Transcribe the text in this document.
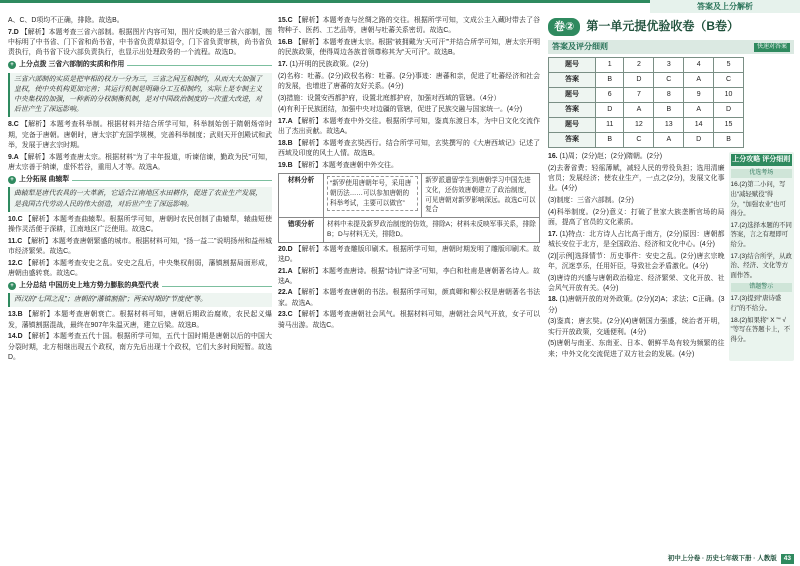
答案及上分解析

A、C、D项均不正确，排除。故选B。

7.D 【解析】本题考查三省六部制。根据图片内容可知，图片反映的是三省六部制，图中标明了中书省、门下省和尚书省，中书省负责草拟诏令，门下省负责审核，尚书省负责执行，尚书省下设六部负责执行，也显示出处理政务的一个流程。故选D。

+ 上分点拨 三省六部制的实质和作用
三省六部制的实质是把宰相的权力一分为三，三省之间互相制约，从而大大加强了皇权，使中央机构更加完善；其运行机制是明确分工互相制约，实际上是专制主义中央集权的加强，一种新的分权制衡机制，是对中国政治制度的一次重大改进，对后世产生了深远影响。

8.C 【解析】本题考查科举制。根据材料并结合所学可知，科举制始创于隋朝炀帝时期，完备于唐朝。唐朝时，唐太宗扩充国学规模，完善科举制度；武则天开创殿试和武举，发展于唐玄宗时期。

9.A 【解析】本题考查唐太宗。根据材料“为了丰年报道，听谏信谏，勤政为民”可知，唐太宗善于纳谏，虚怀若谷，重用人才等。故选A。

+ 上分拓展 曲辕犁
曲辕犁是唐代农具的一大革新，它适合江南地区水田耕作，促进了农业生产发展，是我国古代劳动人民的伟大创造，对后世产生了深远影响。

10.C 【解析】本题考查曲辕犁。根据所学可知，唐朝时农民创制了曲辕犁，辕曲短使操作灵活便于深耕，江南地区广泛使用。故选C。

11.C 【解析】本题考查唐朝繁盛的城市。根据材料可知，“扬一益二”说明扬州和益州城市经济繁荣。故选C。

12.C 【解析】本题考查安史之乱。安史之乱后，中央集权削弱，藩镇割据局面形成，唐朝由盛转衰。故选C。

+ 上分总结 中国历史上地方势力膨胀的典型代表
西汉的“七国之乱”；唐朝的“藩镇割据”；两宋时期的“节度使”等。

13.B 【解析】本题考查唐朝衰亡。根据材料可知，唐朝后期政治腐败，农民起义爆发，藩镇割据混战，最终在907年朱温灭唐，建立后梁。故选B。

14.D 【解析】本题考查五代十国。根据所学可知，五代十国时期是唐朝以后的中国大分裂时期，北方相继出现五个政权，南方先后出现十个政权，它们大多时间短暂。故选D。

15.C 【解析】本题考查与丝绸之路的交往。根据所学可知，文成公主入藏时带去了谷物种子、医药、工艺品等，唐朝与吐蕃关系密切。故选C。

16.B 【解析】本题考查唐太宗。根据“被拥戴为‘天可汗’”并结合所学可知，唐太宗开明的民族政策，使得周边各族首领尊称其为“天可汗”。故选B。

17. (1)开明的民族政策。(2分)

(2)名称：吐蕃。(2分)政权名称：吐蕃。(2分)事迹：唐蕃和亲，促进了吐蕃经济和社会的发展，也增进了唐蕃的友好关系。(4分)

(3)措施：设置安西都护府，设置北庭都护府，加强对西域的管辖。（4分）

(4)有利于民族团结，加强中央对边疆的管辖，促进了民族交融与国家统一。(4分)

17.A 【解析】本题考查中外交往。根据所学可知，鉴真东渡日本，为中日文化交流作出了杰出贡献。故选A。

18.B 【解析】本题考查玄奘西行。结合所学可知，玄奘撰写的《大唐西域记》记述了西域及印度的风土人情。故选B。

19.B 【解析】本题考查唐朝中外交往。

材料分析	“新罗使用唐朝年号，采用唐朝历法……可以参加唐朝的科举考试，主要可以做官”	新罗派遣留学生到唐朝学习中国先进文化，还仿效唐朝建立了政治制度，可见唐朝对新罗影响深远。故选C可以复合
错项分析	材料中未提及新罗政治制度的仿效，排除A；材料未反映军事关系，排除B；D与材料无关，排除D。	

20.D 【解析】本题考查雕版印刷术。根据所学可知，唐朝时期发明了雕版印刷术。故选D。

21.A 【解析】本题考查唐诗。根据“诗仙”“诗圣”可知，李白和杜甫是唐朝著名诗人。故选A。

22.A 【解析】本题考查唐朝的书法。根据所学可知，颜真卿和柳公权是唐朝著名书法家。故选A。

23.C 【解析】本题考查唐朝社会风气。根据材料可知，唐朝社会风气开放，女子可以骑马出游。故选C。

卷②	第一单元提优验收卷（B卷）
答案及评分细则	快速对答案
题号	1	2	3	4	5
答案	B	D	C	A	C
题号	6	7	8	9	10
答案	D	A	B	A	D
题号	11	12	13	14	15
答案	B	C	A	D	B

16. (1)周；(2分)赵；(2分)隋朝。(2分)

(2)去奢省费；轻徭薄赋，减轻人民的劳役负担；选用清廉官员；发展经济；使农业生产，一点之(2分)，发展文化事业。(4分)

(3)制度：三省六部制。(2分)

(4)科举制度。(2分)意义：打破了世家大族垄断官场的局面，提高了官员的文化素质。

17. (1)特点：北方诗人占比高于南方，(2分)原因：唐朝都城长安位于北方，是全国政治、经济和文化中心。(4分)

(2)[示例]选择情节：历史事件：安史之乱。(2分)唐玄宗晚年，沉迷享乐，任用奸臣，导致社会矛盾激化。(4分)

(3)唐诗的兴盛与唐朝政治稳定、经济繁荣、文化开放、社会风气开放有关。(4分)

18. (1)唐朝开放的对外政策。(2分)(2)A；求法；C正确。(3分)

(3)鉴真；唐玄奘。(2分)(4)唐朝国力强盛，统治者开明，实行开放政策，交通便利。(4分)

(5)唐朝与南亚、东南亚、日本、朝鲜半岛有较为频繁的往来；中外文化交流促进了双方社会的发展。(4分)

上分攻略 评分细则
优选考场
16.(2)第二小问，写出“减轻赋役”得分，“加强农业”也可得分。
17.(2)选择本题的不同答案，言之有理即可给分。
17.(3)结合所学，从政治、经济、文化等方面作答。
错题警示
17.(3)提到“唐诗盛行”的不给分。
18.(2)如果将“ X ”“ √ ”等写在答题卡上，不得分。
初中上分卷 · 历史七年级下册 · 人教版	43
